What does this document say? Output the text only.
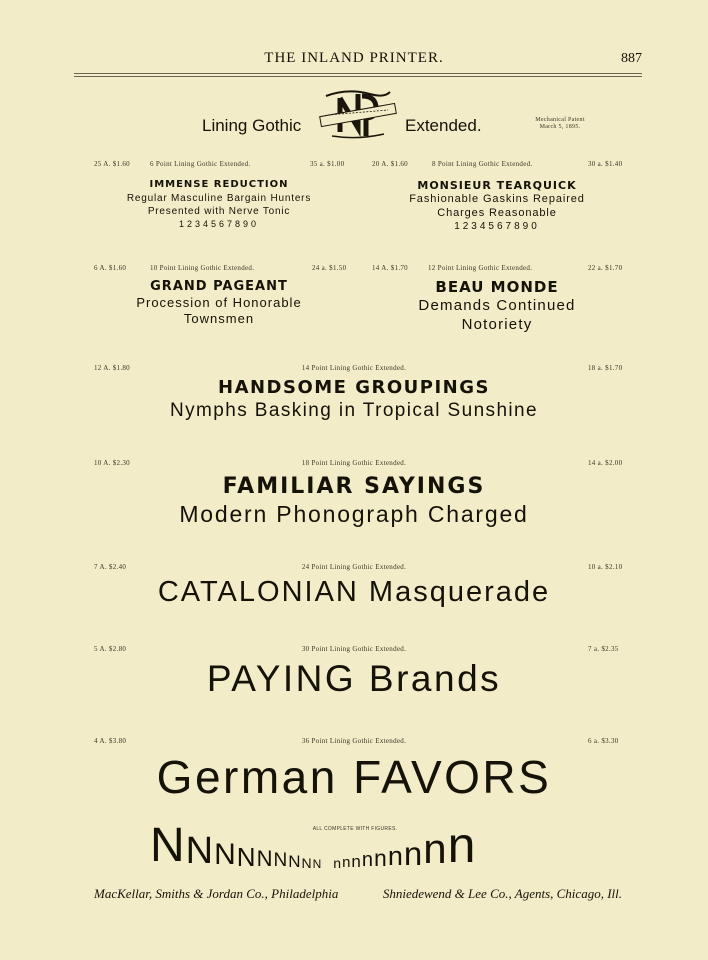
THE INLAND PRINTER.	887
Lining Gothic	Extended.	Mechanical Patent
March 5, 1895.
25 A. $1.60	6 Point Lining Gothic Extended.	35 a. $1.00
IMMENSE REDUCTION
Regular Masculine Bargain Hunters
Presented with Nerve Tonic
1234567890
20 A. $1.60	8 Point Lining Gothic Extended.	30 a. $1.40
MONSIEUR TEARQUICK
Fashionable Gaskins Repaired
Charges Reasonable
1234567890
6 A. $1.60	10 Point Lining Gothic Extended.	24 a. $1.50
GRAND PAGEANT
Procession of Honorable
Townsmen
14 A. $1.70	12 Point Lining Gothic Extended.	22 a. $1.70
BEAU MONDE
Demands Continued
Notoriety
12 A. $1.80	14 Point Lining Gothic Extended.	18 a. $1.70
HANDSOME GROUPINGS
Nymphs Basking in Tropical Sunshine
10 A. $2.30	18 Point Lining Gothic Extended.	14 a. $2.00
FAMILIAR SAYINGS
Modern Phonograph Charged
7 A. $2.40	24 Point Lining Gothic Extended.	10 a. $2.10
CATALONIAN Masquerade
5 A. $2.80	30 Point Lining Gothic Extended.	7 a. $2.35
PAYING Brands
4 A. $3.80	36 Point Lining Gothic Extended.	6 a. $3.30
German FAVORS
ALL COMPLETE WITH FIGURES.
N N N N N N N N N n n n n n n n n n
MacKellar, Smiths & Jordan Co., Philadelphia	Shniedewend & Lee Co., Agents, Chicago, Ill.
